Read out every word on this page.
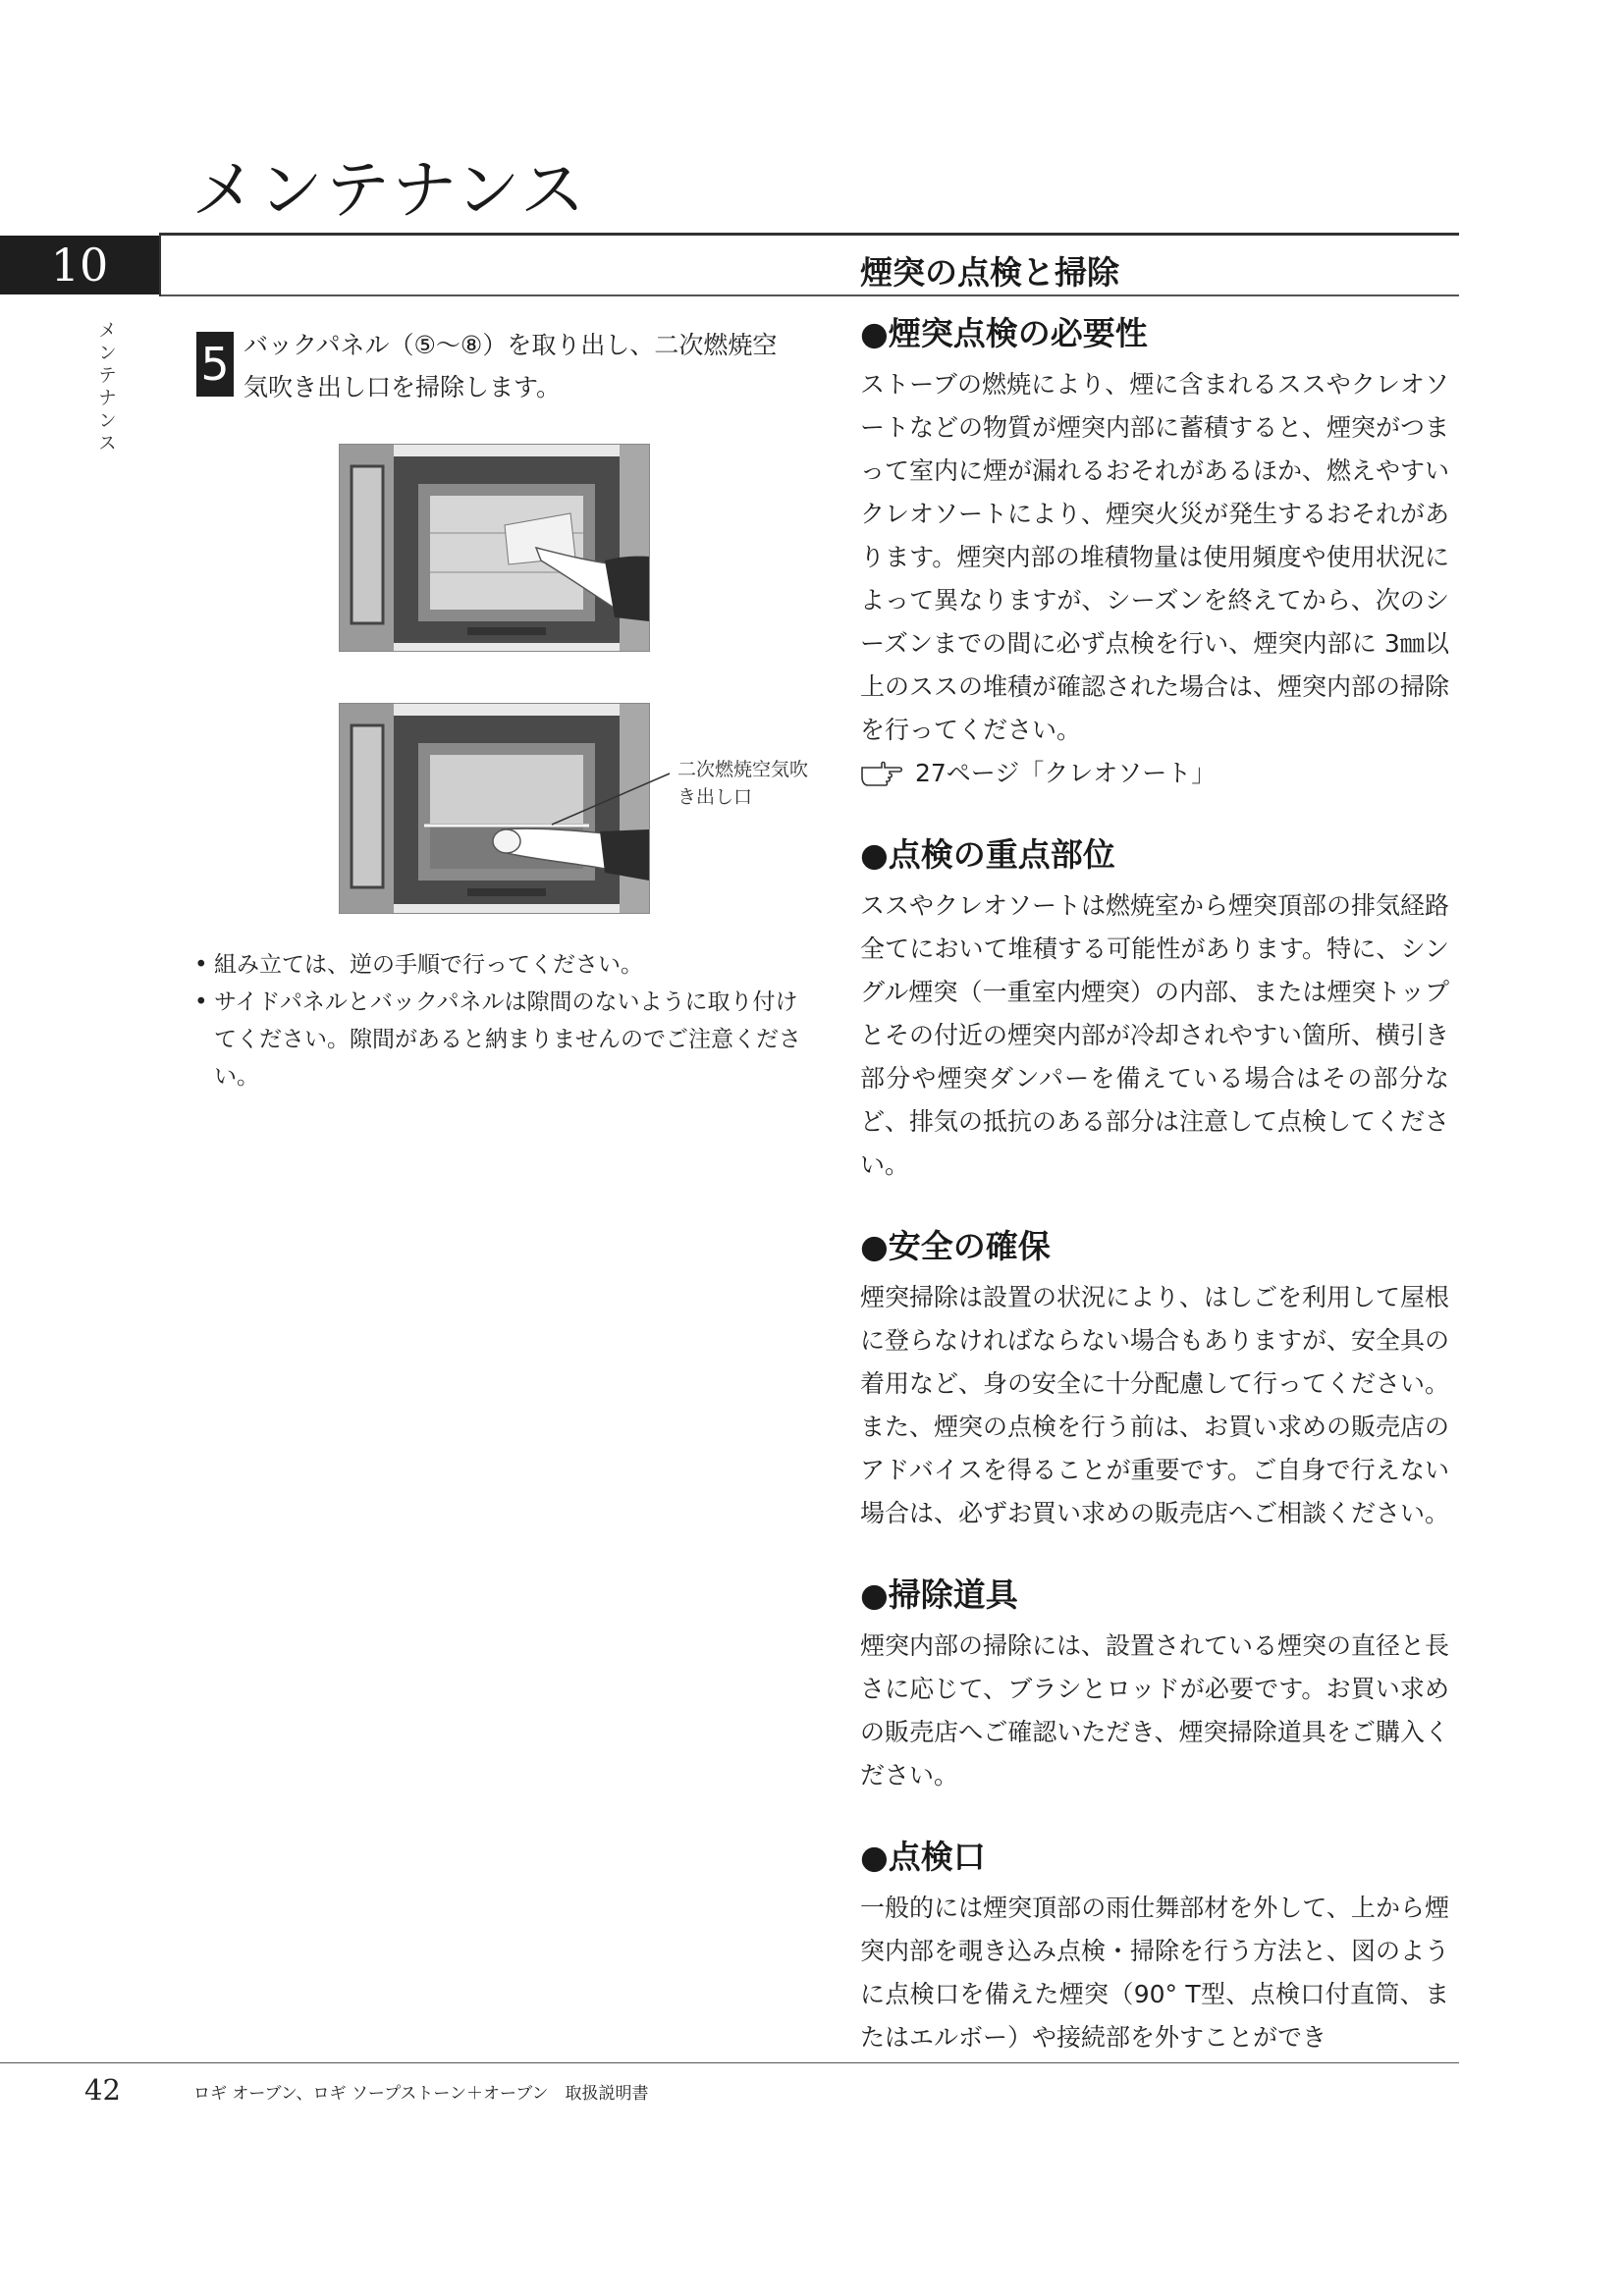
メンテナンス
10	煙突の点検と掃除
メンテナンス 5 バックパネル（⑤〜⑧）を取り出し、二次燃焼空気吹き出し口を掃除します。

二次燃焼空気吹き出し口
• 組み立ては、逆の手順で行ってください。
• サイドパネルとバックパネルは隙間のないように取り付けてください。隙間があると納まりませんのでご注意ください。
●煙突点検の必要性

ストーブの燃焼により、煙に含まれるススやクレオソートなどの物質が煙突内部に蓄積すると、煙突がつまって室内に煙が漏れるおそれがあるほか、燃えやすいクレオソートにより、煙突火災が発生するおそれがあります。煙突内部の堆積物量は使用頻度や使用状況によって異なりますが、シーズンを終えてから、次のシーズンまでの間に必ず点検を行い、煙突内部に 3㎜以上のススの堆積が確認された場合は、煙突内部の掃除を行ってください。

27ページ「クレオソート」
●点検の重点部位

ススやクレオソートは燃焼室から煙突頂部の排気経路全てにおいて堆積する可能性があります。特に、シングル煙突（一重室内煙突）の内部、または煙突トップとその付近の煙突内部が冷却されやすい箇所、横引き部分や煙突ダンパーを備えている場合はその部分など、排気の抵抗のある部分は注意して点検してください。

●安全の確保

煙突掃除は設置の状況により、はしごを利用して屋根に登らなければならない場合もありますが、安全具の着用など、身の安全に十分配慮して行ってください。また、煙突の点検を行う前は、お買い求めの販売店のアドバイスを得ることが重要です。ご自身で行えない場合は、必ずお買い求めの販売店へご相談ください。

●掃除道具

煙突内部の掃除には、設置されている煙突の直径と長さに応じて、ブラシとロッドが必要です。お買い求めの販売店へご確認いただき、煙突掃除道具をご購入ください。

●点検口

一般的には煙突頂部の雨仕舞部材を外して、上から煙突内部を覗き込み点検・掃除を行う方法と、図のように点検口を備えた煙突（90° T型、点検口付直筒、またはエルボー）や接続部を外すことができ

42	ロギ オーブン、ロギ ソープストーン＋オーブン　取扱説明書
